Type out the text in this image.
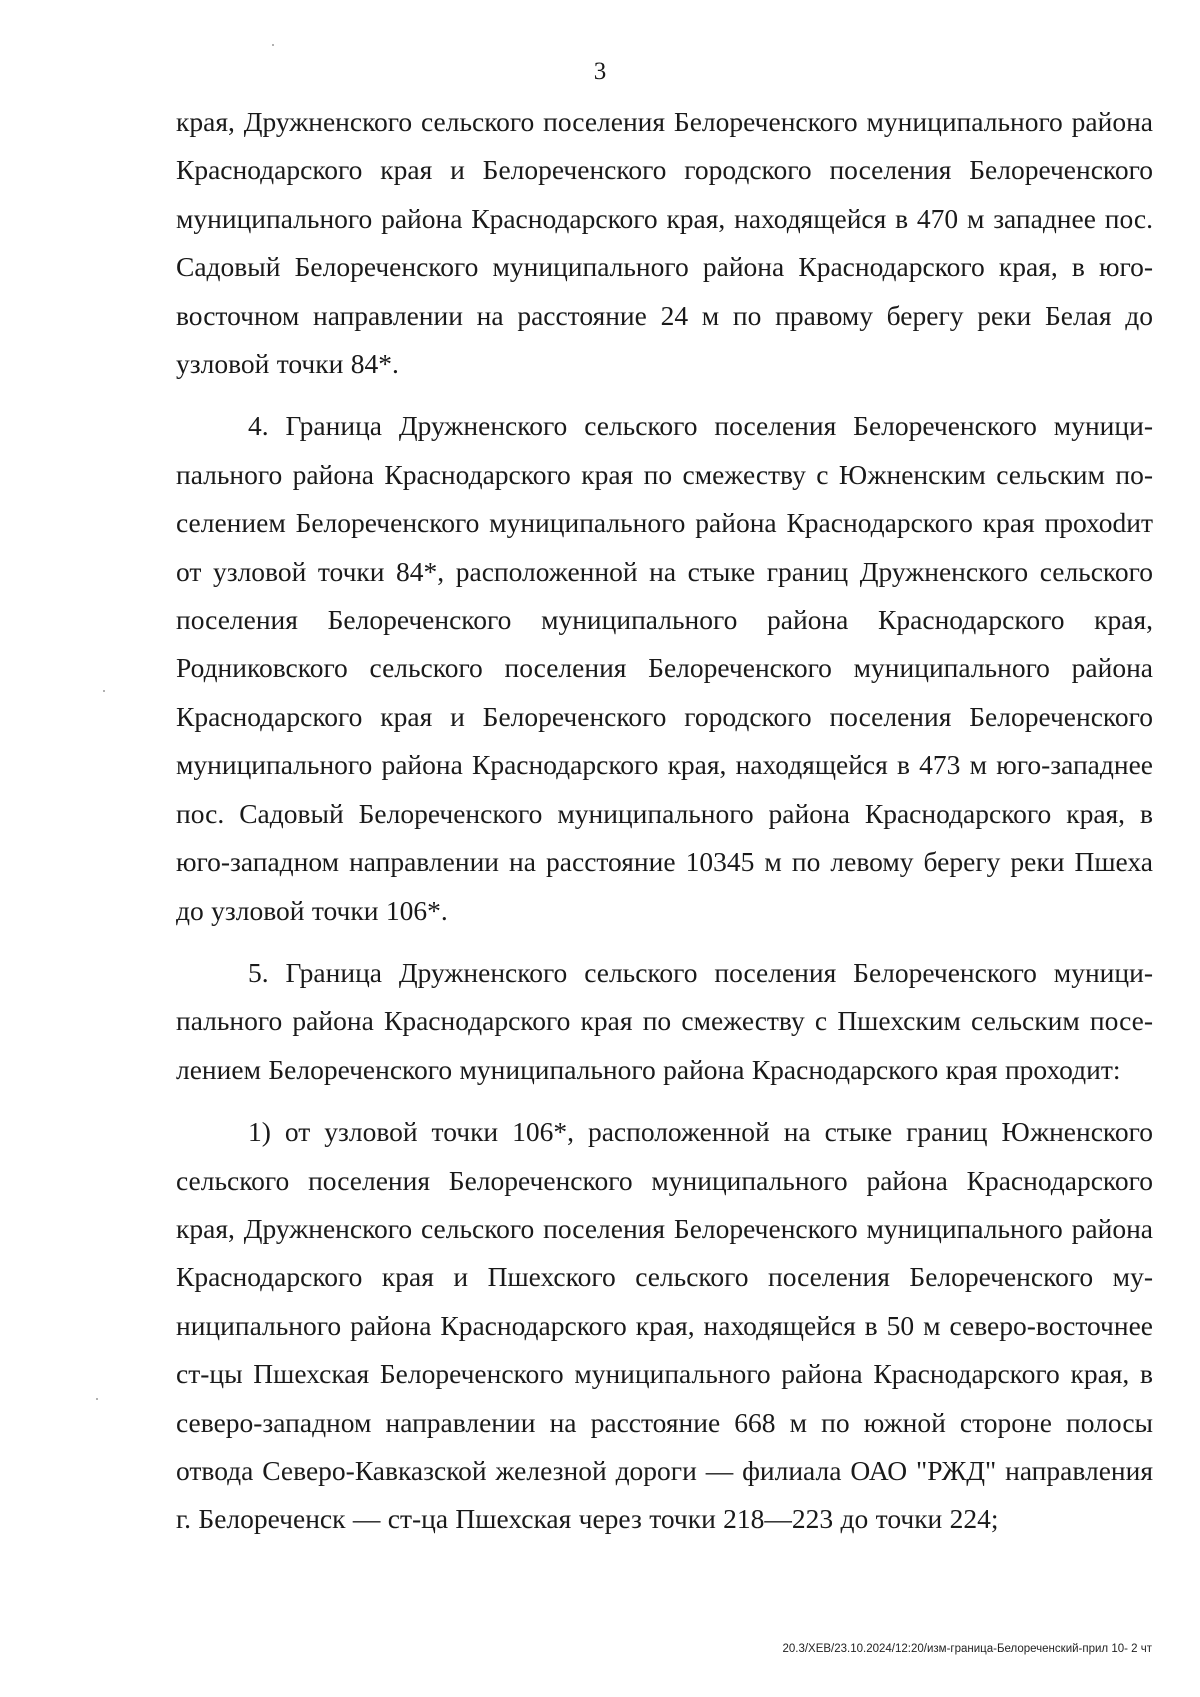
3

края, Дружненского сельского поселения Белореченского муниципального района Краснодарского края и Белореченского городского поселения Белореченского муниципального района Краснодарского края, находящейся в 470 м западнее пос. Садовый Белореченского муниципального района Краснодарского края, в юго-восточном направлении на расстояние 24 м по правому берегу реки Белая до узловой точки 84*.

4. Граница Дружненского сельского поселения Белореченского муниципального района Краснодарского края по смежеству с Южненским сельским поселением Белореченского муниципального района Краснодарского края прохоdит от узловой точки 84*, расположенной на стыке границ Дружненского сельского поселения Белореченского муниципального района Краснодарского края, Родниковского сельского поселения Белореченского муниципального района Краснодарского края и Белореченского городского поселения Белореченского муниципального района Краснодарского края, находящейся в 473 м юго-западнее пос. Садовый Белореченского муниципального района Краснодарского края, в юго-западном направлении на расстояние 10345 м по левому берегу реки Пшеха до узловой точки 106*.

5. Граница Дружненского сельского поселения Белореченского муниципального района Краснодарского края по смежеству с Пшехским сельским поселением Белореченского муниципального района Краснодарского края проходит:

1) от узловой точки 106*, расположенной на стыке границ Южненского сельского поселения Белореченского муниципального района Краснодарского края, Дружненского сельского поселения Белореченского муниципального района Краснодарского края и Пшехского сельского поселения Белореченского муниципального района Краснодарского края, находящейся в 50 м северо-восточнее ст-цы Пшехская Белореченского муниципального района Краснодарского края, в северо-западном направлении на расстояние 668 м по южной стороне полосы отвода Северо-Кавказской железной дороги — филиала ОАО "РЖД" направления г. Белореченск — ст-ца Пшехская через точки 218—223 до точки 224;

20.3/ХЕВ/23.10.2024/12:20/изм-граница-Белореченский-прил 10- 2 чт
